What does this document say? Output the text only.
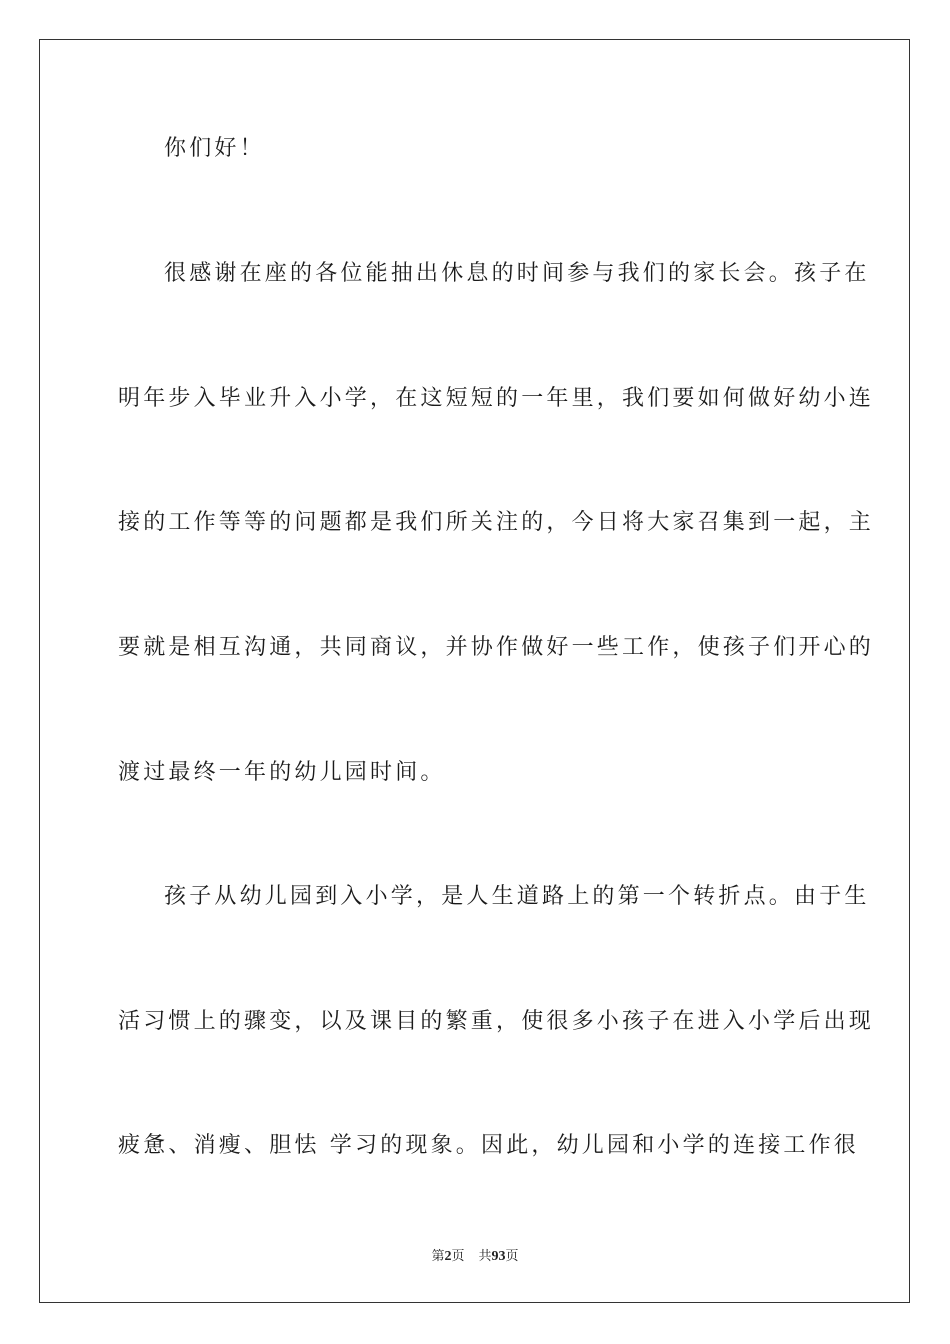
你们好！
很感谢在座的各位能抽出休息的时间参与我们的家长会。孩子在
明年步入毕业升入小学，在这短短的一年里，我们要如何做好幼小连
接的工作等等的问题都是我们所关注的，今日将大家召集到一起，主
要就是相互沟通，共同商议，并协作做好一些工作，使孩子们开心的
渡过最终一年的幼儿园时间。
孩子从幼儿园到入小学，是人生道路上的第一个转折点。由于生
活习惯上的骤变，以及课目的繁重，使很多小孩子在进入小学后出现
疲惫、消瘦、胆怯 学习的现象。因此，幼儿园和小学的连接工作很
第2页 共93页
